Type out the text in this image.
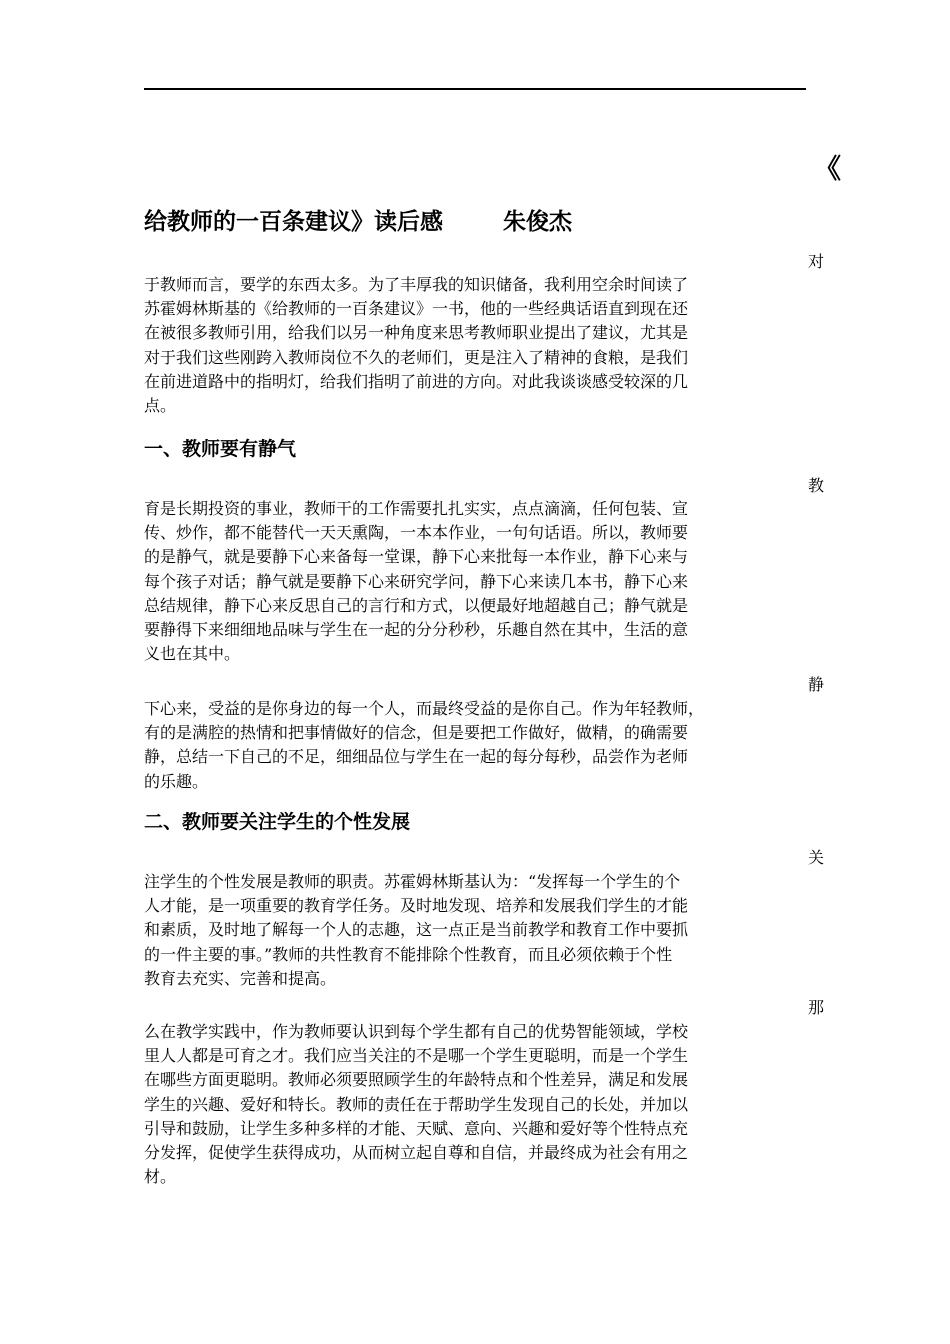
《
给教师的一百条建议》读后感	朱俊杰
对
于教师而言，要学的东西太多。为了丰厚我的知识储备，我利用空余时间读了
苏霍姆林斯基的《给教师的一百条建议》一书，他的一些经典话语直到现在还
在被很多教师引用，给我们以另一种角度来思考教师职业提出了建议，尤其是
对于我们这些刚跨入教师岗位不久的老师们，更是注入了精神的食粮，是我们
在前进道路中的指明灯，给我们指明了前进的方向。对此我谈谈感受较深的几
点。
一、教师要有静气
教
育是长期投资的事业，教师干的工作需要扎扎实实，点点滴滴，任何包装、宣
传、炒作，都不能替代一天天熏陶，一本本作业，一句句话语。所以，教师要
的是静气，就是要静下心来备每一堂课，静下心来批每一本作业，静下心来与
每个孩子对话；静气就是要静下心来研究学问，静下心来读几本书，静下心来
总结规律，静下心来反思自己的言行和方式，以便最好地超越自己；静气就是
要静得下来细细地品味与学生在一起的分分秒秒，乐趣自然在其中，生活的意
义也在其中。
静
下心来，受益的是你身边的每一个人，而最终受益的是你自己。作为年轻教师，
有的是满腔的热情和把事情做好的信念，但是要把工作做好，做精，的确需要
静，总结一下自己的不足，细细品位与学生在一起的每分每秒，品尝作为老师
的乐趣。
二、教师要关注学生的个性发展
关
注学生的个性发展是教师的职责。苏霍姆林斯基认为：“发挥每一个学生的个
人才能，是一项重要的教育学任务。及时地发现、培养和发展我们学生的才能
和素质，及时地了解每一个人的志趣，这一点正是当前教学和教育工作中要抓
的一件主要的事。”教师的共性教育不能排除个性教育，而且必须依赖于个性
教育去充实、完善和提高。
那
么在教学实践中，作为教师要认识到每个学生都有自己的优势智能领域，学校
里人人都是可育之才。我们应当关注的不是哪一个学生更聪明，而是一个学生
在哪些方面更聪明。教师必须要照顾学生的年龄特点和个性差异，满足和发展
学生的兴趣、爱好和特长。教师的责任在于帮助学生发现自己的长处，并加以
引导和鼓励，让学生多种多样的才能、天赋、意向、兴趣和爱好等个性特点充
分发挥，促使学生获得成功，从而树立起自尊和自信，并最终成为社会有用之
材。
